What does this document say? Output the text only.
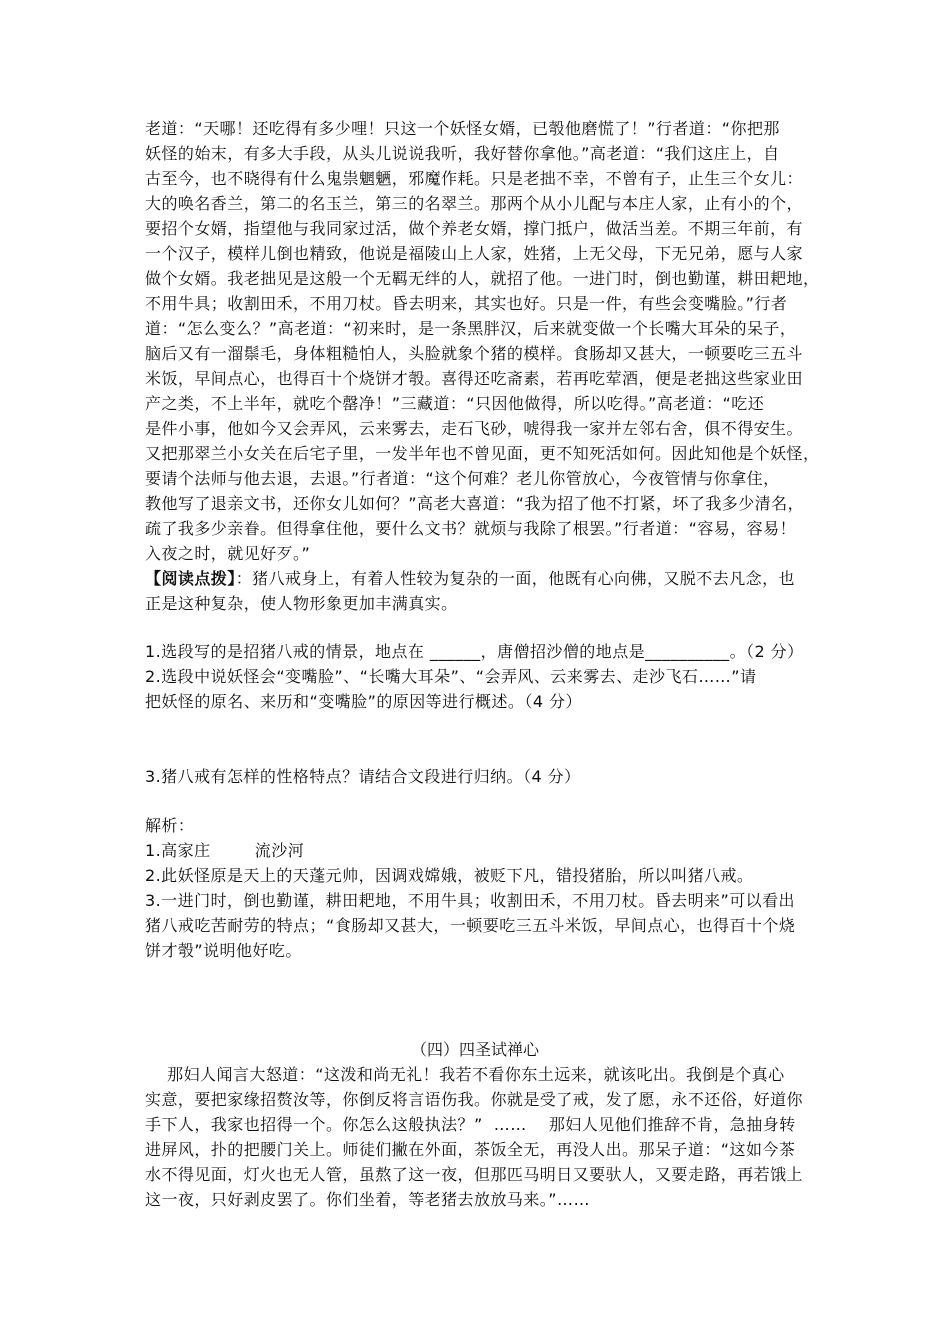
老道：“天哪！还吃得有多少哩！只这一个妖怪女婿，已彀他磨慌了！”行者道：“你把那
妖怪的始末，有多大手段，从头儿说说我听，我好替你拿他。”高老道：“我们这庄上，自
古至今，也不晓得有什么鬼祟魍魉，邪魔作耗。只是老拙不幸，不曾有子，止生三个女儿：
大的唤名香兰，第二的名玉兰，第三的名翠兰。那两个从小儿配与本庄人家，止有小的个，
要招个女婿，指望他与我同家过活，做个养老女婿，撑门抵户，做活当差。不期三年前，有
一个汉子，模样儿倒也精致，他说是福陵山上人家，姓猪，上无父母，下无兄弟，愿与人家
做个女婿。我老拙见是这般一个无羁无绊的人，就招了他。一进门时，倒也勤谨，耕田耙地，
不用牛具；收割田禾，不用刀杖。昏去明来，其实也好。只是一件，有些会变嘴脸。”行者
道：“怎么变么？”高老道：“初来时，是一条黑胖汉，后来就变做一个长嘴大耳朵的呆子，
脑后又有一溜鬃毛，身体粗糙怕人，头脸就象个猪的模样。食肠却又甚大，一顿要吃三五斗
米饭，早间点心，也得百十个烧饼才彀。喜得还吃斋素，若再吃荤酒，便是老拙这些家业田
产之类，不上半年，就吃个罄净！”三藏道：“只因他做得，所以吃得。”高老道：“吃还
是件小事，他如今又会弄风，云来雾去，走石飞砂，唬得我一家并左邻右舍，俱不得安生。
又把那翠兰小女关在后宅子里，一发半年也不曾见面，更不知死活如何。因此知他是个妖怪，
要请个法师与他去退，去退。”行者道：“这个何难？老儿你管放心，今夜管情与你拿住，
教他写了退亲文书，还你女儿如何？”高老大喜道：“我为招了他不打紧，坏了我多少清名，
疏了我多少亲眷。但得拿住他，要什么文书？就烦与我除了根罢。”行者道：“容易，容易！
入夜之时，就见好歹。”
【阅读点拨】：猪八戒身上，有着人性较为复杂的一面，他既有心向佛，又脱不去凡念，也
正是这种复杂，使人物形象更加丰满真实。
1.选段写的是招猪八戒的情景，地点在 ______，唐僧招沙僧的地点是__________。（2 分）
2.选段中说妖怪会“变嘴脸”、“长嘴大耳朵”、“会弄风、云来雾去、走沙飞石……”请
把妖怪的原名、来历和“变嘴脸”的原因等进行概述。（4 分）
3.猪八戒有怎样的性格特点？请结合文段进行归纳。（4 分）
解析：
1.高家庄        流沙河
2.此妖怪原是天上的天蓬元帅，因调戏嫦娥，被贬下凡，错投猪胎，所以叫猪八戒。
3.一进门时，倒也勤谨，耕田耙地，不用牛具；收割田禾，不用刀杖。昏去明来”可以看出
猪八戒吃苦耐劳的特点；“食肠却又甚大，一顿要吃三五斗米饭，早间点心，也得百十个烧
饼才彀”说明他好吃。
（四）四圣试禅心
那妇人闻言大怒道：“这泼和尚无礼！我若不看你东土远来，就该叱出。我倒是个真心
实意，要把家缘招赘汝等，你倒反将言语伤我。你就是受了戒，发了愿，永不还俗，好道你
手下人，我家也招得一个。你怎么这般执法？”  ……    那妇人见他们推辞不肯，急抽身转
进屏风，扑的把腰门关上。师徒们撇在外面，茶饭全无，再没人出。那呆子道：“这如今茶
水不得见面，灯火也无人管，虽熬了这一夜，但那匹马明日又要驮人，又要走路，再若饿上
这一夜，只好剥皮罢了。你们坐着，等老猪去放放马来。”……
